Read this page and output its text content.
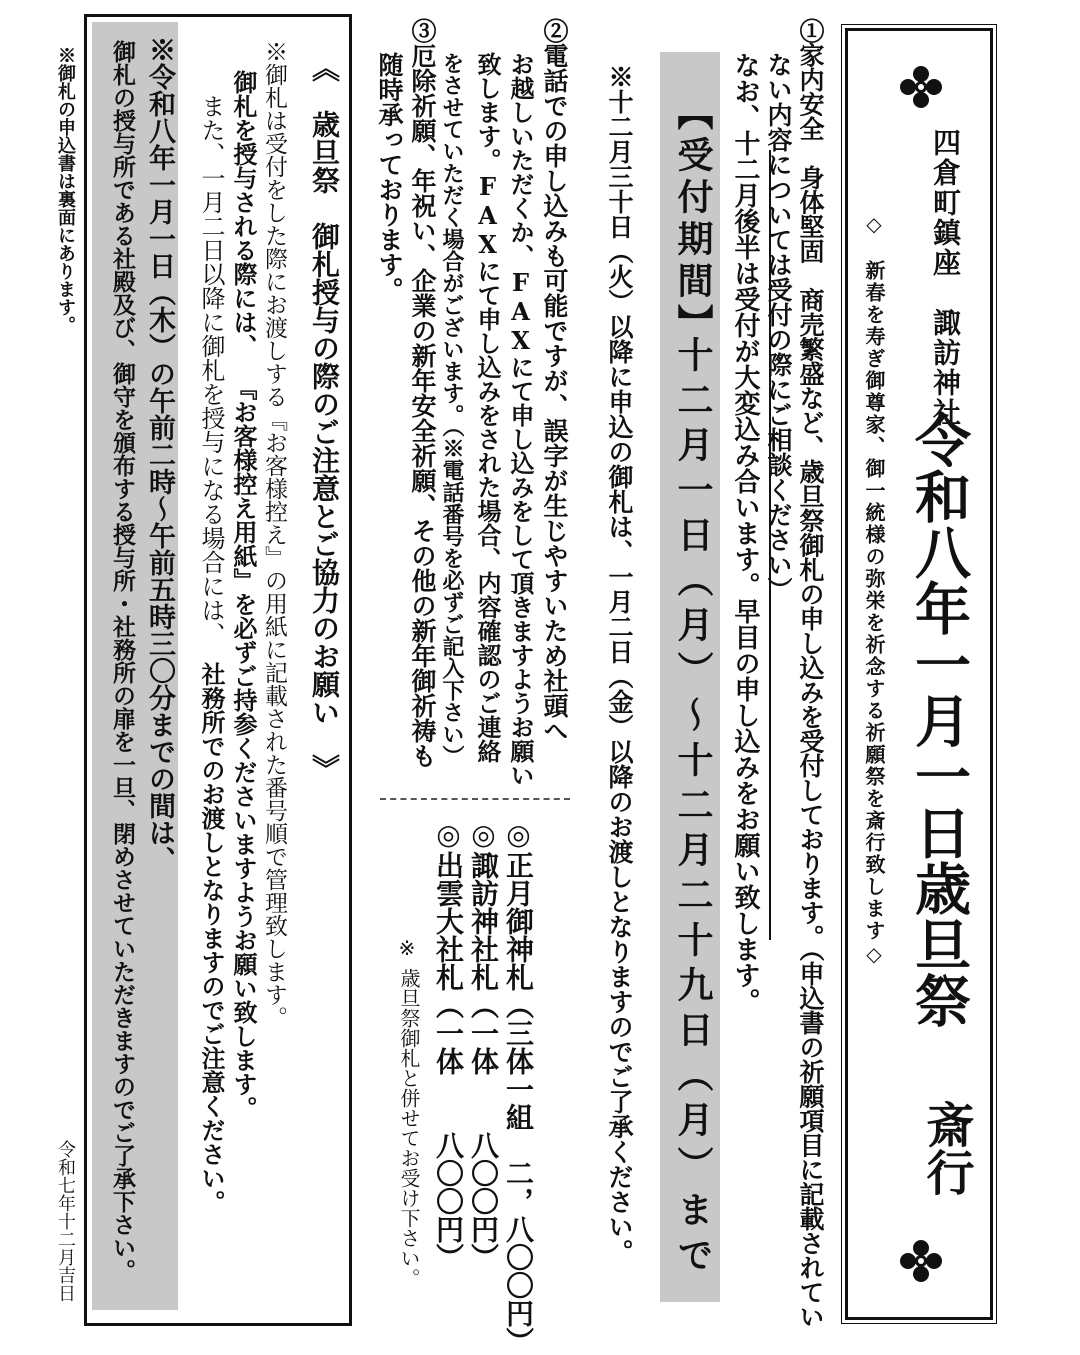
四倉町鎮座　諏訪神社
令和八年一月一日歳旦祭
斎行
◇　新春を寿ぎ御尊家、御一統様の弥栄を祈念する祈願祭を斎行致します◇
①家内安全　身体堅固　商売繁盛など、歳旦祭御札の申し込みを受付しております。（申込書の祈願項目に記載されてい
ない内容については受付の際にご相談ください）
なお、十二月後半は受付が大変込み合います。早目の申し込みをお願い致します。
【受付期間】
十二月一日（月）～十二月二十九日（月）まで
※十二月三十日（火）以降に申込の御札は、一月二日（金）以降のお渡しとなりますのでご了承ください。
②電話での申し込みも可能ですが、誤字が生じやすいため社頭へ
お越しいただくか、FAXにて申し込みをして頂きますようお願い
致します。FAXにて申し込みをされた場合、内容確認のご連絡
をさせていただく場合がございます。（※電話番号を必ずご記入下さい）
③厄除祈願、年祝い、企業の新年安全祈願、その他の新年御祈祷も
随時承っております。
◎正月御神札（三体一組　二，八〇〇円）
◎諏訪神社札（一体　　八〇〇円）
◎出雲大社札（一体　　八〇〇円）
※
歳旦祭御札と併せてお受け下さい。
《　歳旦祭　御札授与の際のご注意とご協力のお願い　》
※御札は受付をした際にお渡しする『お客様控え』の用紙に記載された番号順で管理致します。
御札を授与される際には、
『お客様控え用紙』を必ずご持参くださいますようお願い致します。
また、一月二日以降に御札を授与になる場合には、
社務所でのお渡しとなりますのでご注意ください。
※令和八年一月一日（木）の午前二時～午前五時三〇分までの間は、
御札の授与所である社殿及び、御守を頒布する授与所・社務所の扉を一旦、閉めさせていただきますのでご了承下さい。
※御札の申込書は裏面にあります。
令和七年十二月吉日
